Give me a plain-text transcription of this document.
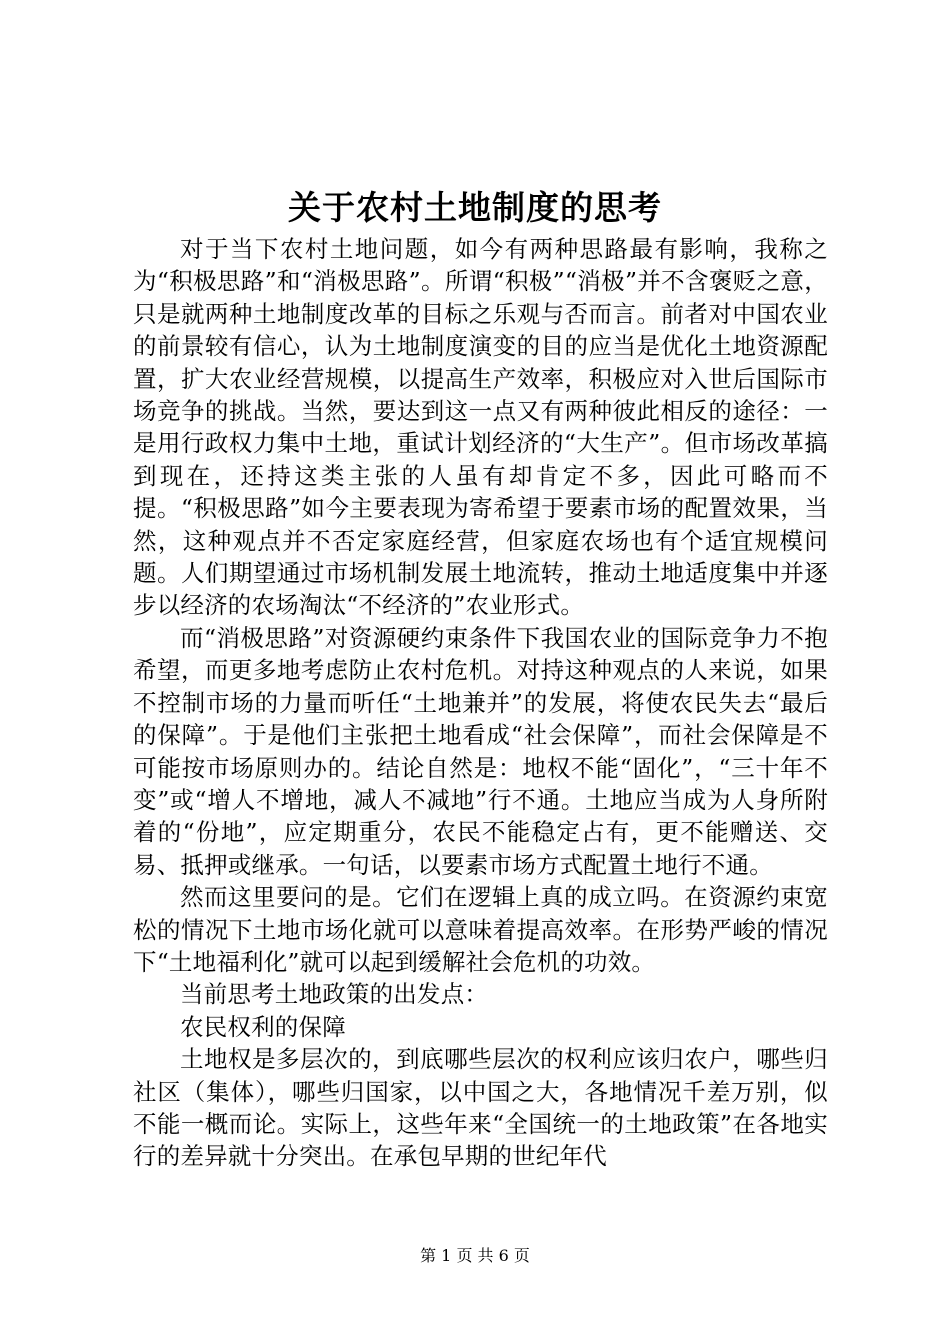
关于农村土地制度的思考

对于当下农村土地问题，如今有两种思路最有影响，我称之为“积极思路”和“消极思路”。所谓“积极”“消极”并不含褒贬之意，只是就两种土地制度改革的目标之乐观与否而言。前者对中国农业的前景较有信心，认为土地制度演变的目的应当是优化土地资源配置，扩大农业经营规模，以提高生产效率，积极应对入世后国际市场竞争的挑战。当然，要达到这一点又有两种彼此相反的途径：一是用行政权力集中土地，重试计划经济的“大生产”。但市场改革搞到现在，还持这类主张的人虽有却肯定不多，因此可略而不提。“积极思路”如今主要表现为寄希望于要素市场的配置效果，当然，这种观点并不否定家庭经营，但家庭农场也有个适宜规模问题。人们期望通过市场机制发展土地流转，推动土地适度集中并逐步以经济的农场淘汰“不经济的”农业形式。

而“消极思路”对资源硬约束条件下我国农业的国际竞争力不抱希望，而更多地考虑防止农村危机。对持这种观点的人来说，如果不控制市场的力量而听任“土地兼并”的发展，将使农民失去“最后的保障”。于是他们主张把土地看成“社会保障”，而社会保障是不可能按市场原则办的。结论自然是：地权不能“固化”，“三十年不变”或“增人不增地，减人不减地”行不通。土地应当成为人身所附着的“份地”，应定期重分，农民不能稳定占有，更不能赠送、交易、抵押或继承。一句话，以要素市场方式配置土地行不通。

然而这里要问的是。它们在逻辑上真的成立吗。在资源约束宽松的情况下土地市场化就可以意味着提高效率。在形势严峻的情况下“土地福利化”就可以起到缓解社会危机的功效。

当前思考土地政策的出发点：

农民权利的保障

土地权是多层次的，到底哪些层次的权利应该归农户，哪些归社区（集体），哪些归国家，以中国之大，各地情况千差万别，似不能一概而论。实际上，这些年来“全国统一的土地政策”在各地实行的差异就十分突出。在承包早期的世纪年代

第 1 页 共 6 页
